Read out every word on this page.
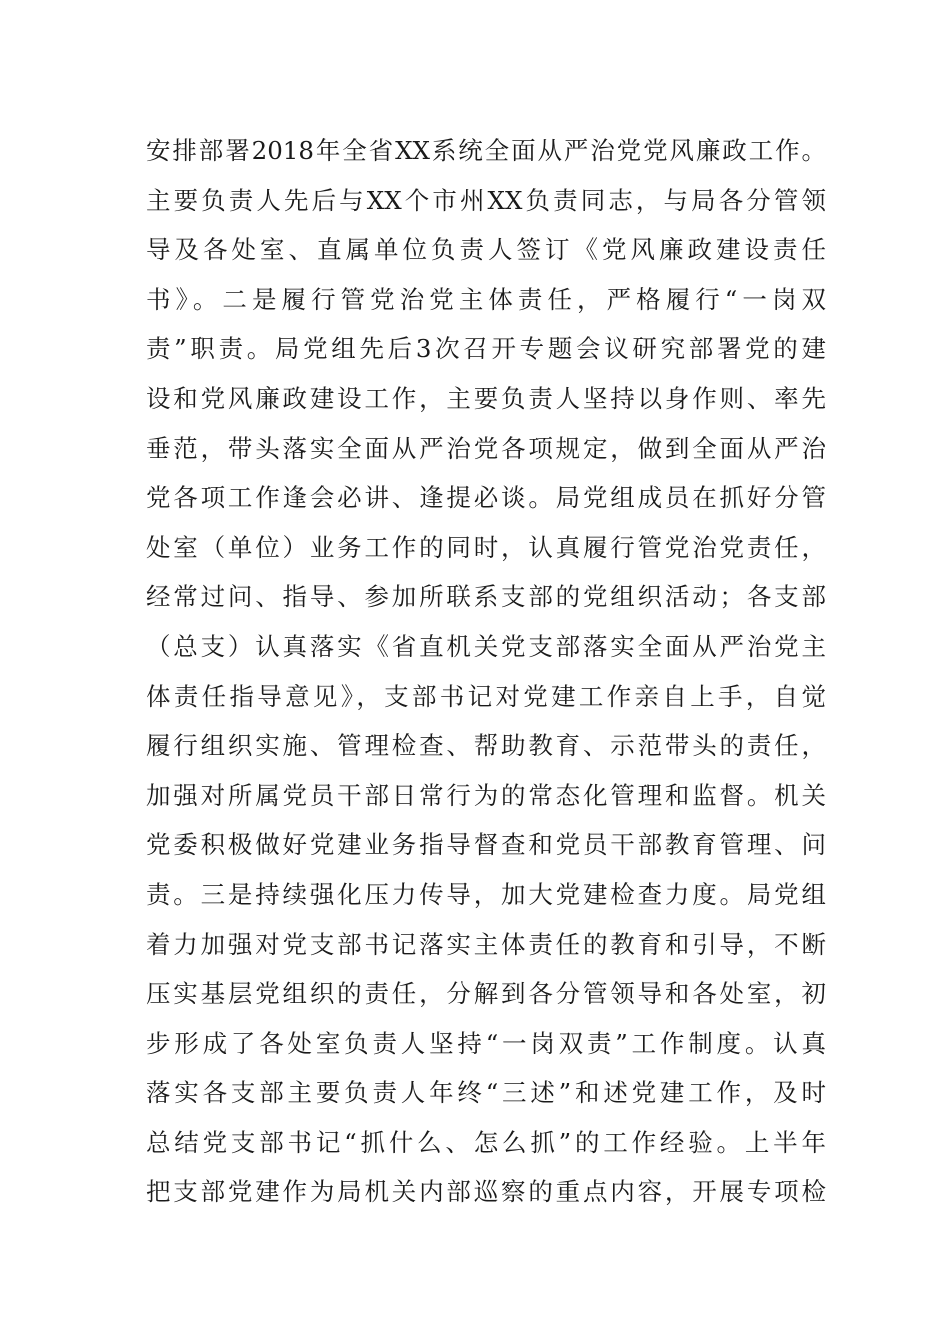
安排部署2018年全省XX系统全面从严治党党风廉政工作。
主要负责人先后与XX个市州XX负责同志，与局各分管领
导及各处室、直属单位负责人签订《党风廉政建设责任
书》。二是履行管党治党主体责任，严格履行“一岗双
责”职责。局党组先后3次召开专题会议研究部署党的建
设和党风廉政建设工作，主要负责人坚持以身作则、率先
垂范，带头落实全面从严治党各项规定，做到全面从严治
党各项工作逢会必讲、逢提必谈。局党组成员在抓好分管
处室（单位）业务工作的同时，认真履行管党治党责任，
经常过问、指导、参加所联系支部的党组织活动；各支部
（总支）认真落实《省直机关党支部落实全面从严治党主
体责任指导意见》，支部书记对党建工作亲自上手，自觉
履行组织实施、管理检查、帮助教育、示范带头的责任，
加强对所属党员干部日常行为的常态化管理和监督。机关
党委积极做好党建业务指导督查和党员干部教育管理、问
责。三是持续强化压力传导，加大党建检查力度。局党组
着力加强对党支部书记落实主体责任的教育和引导，不断
压实基层党组织的责任，分解到各分管领导和各处室，初
步形成了各处室负责人坚持“一岗双责”工作制度。认真
落实各支部主要负责人年终“三述”和述党建工作，及时
总结党支部书记“抓什么、怎么抓”的工作经验。上半年
把支部党建作为局机关内部巡察的重点内容，开展专项检
